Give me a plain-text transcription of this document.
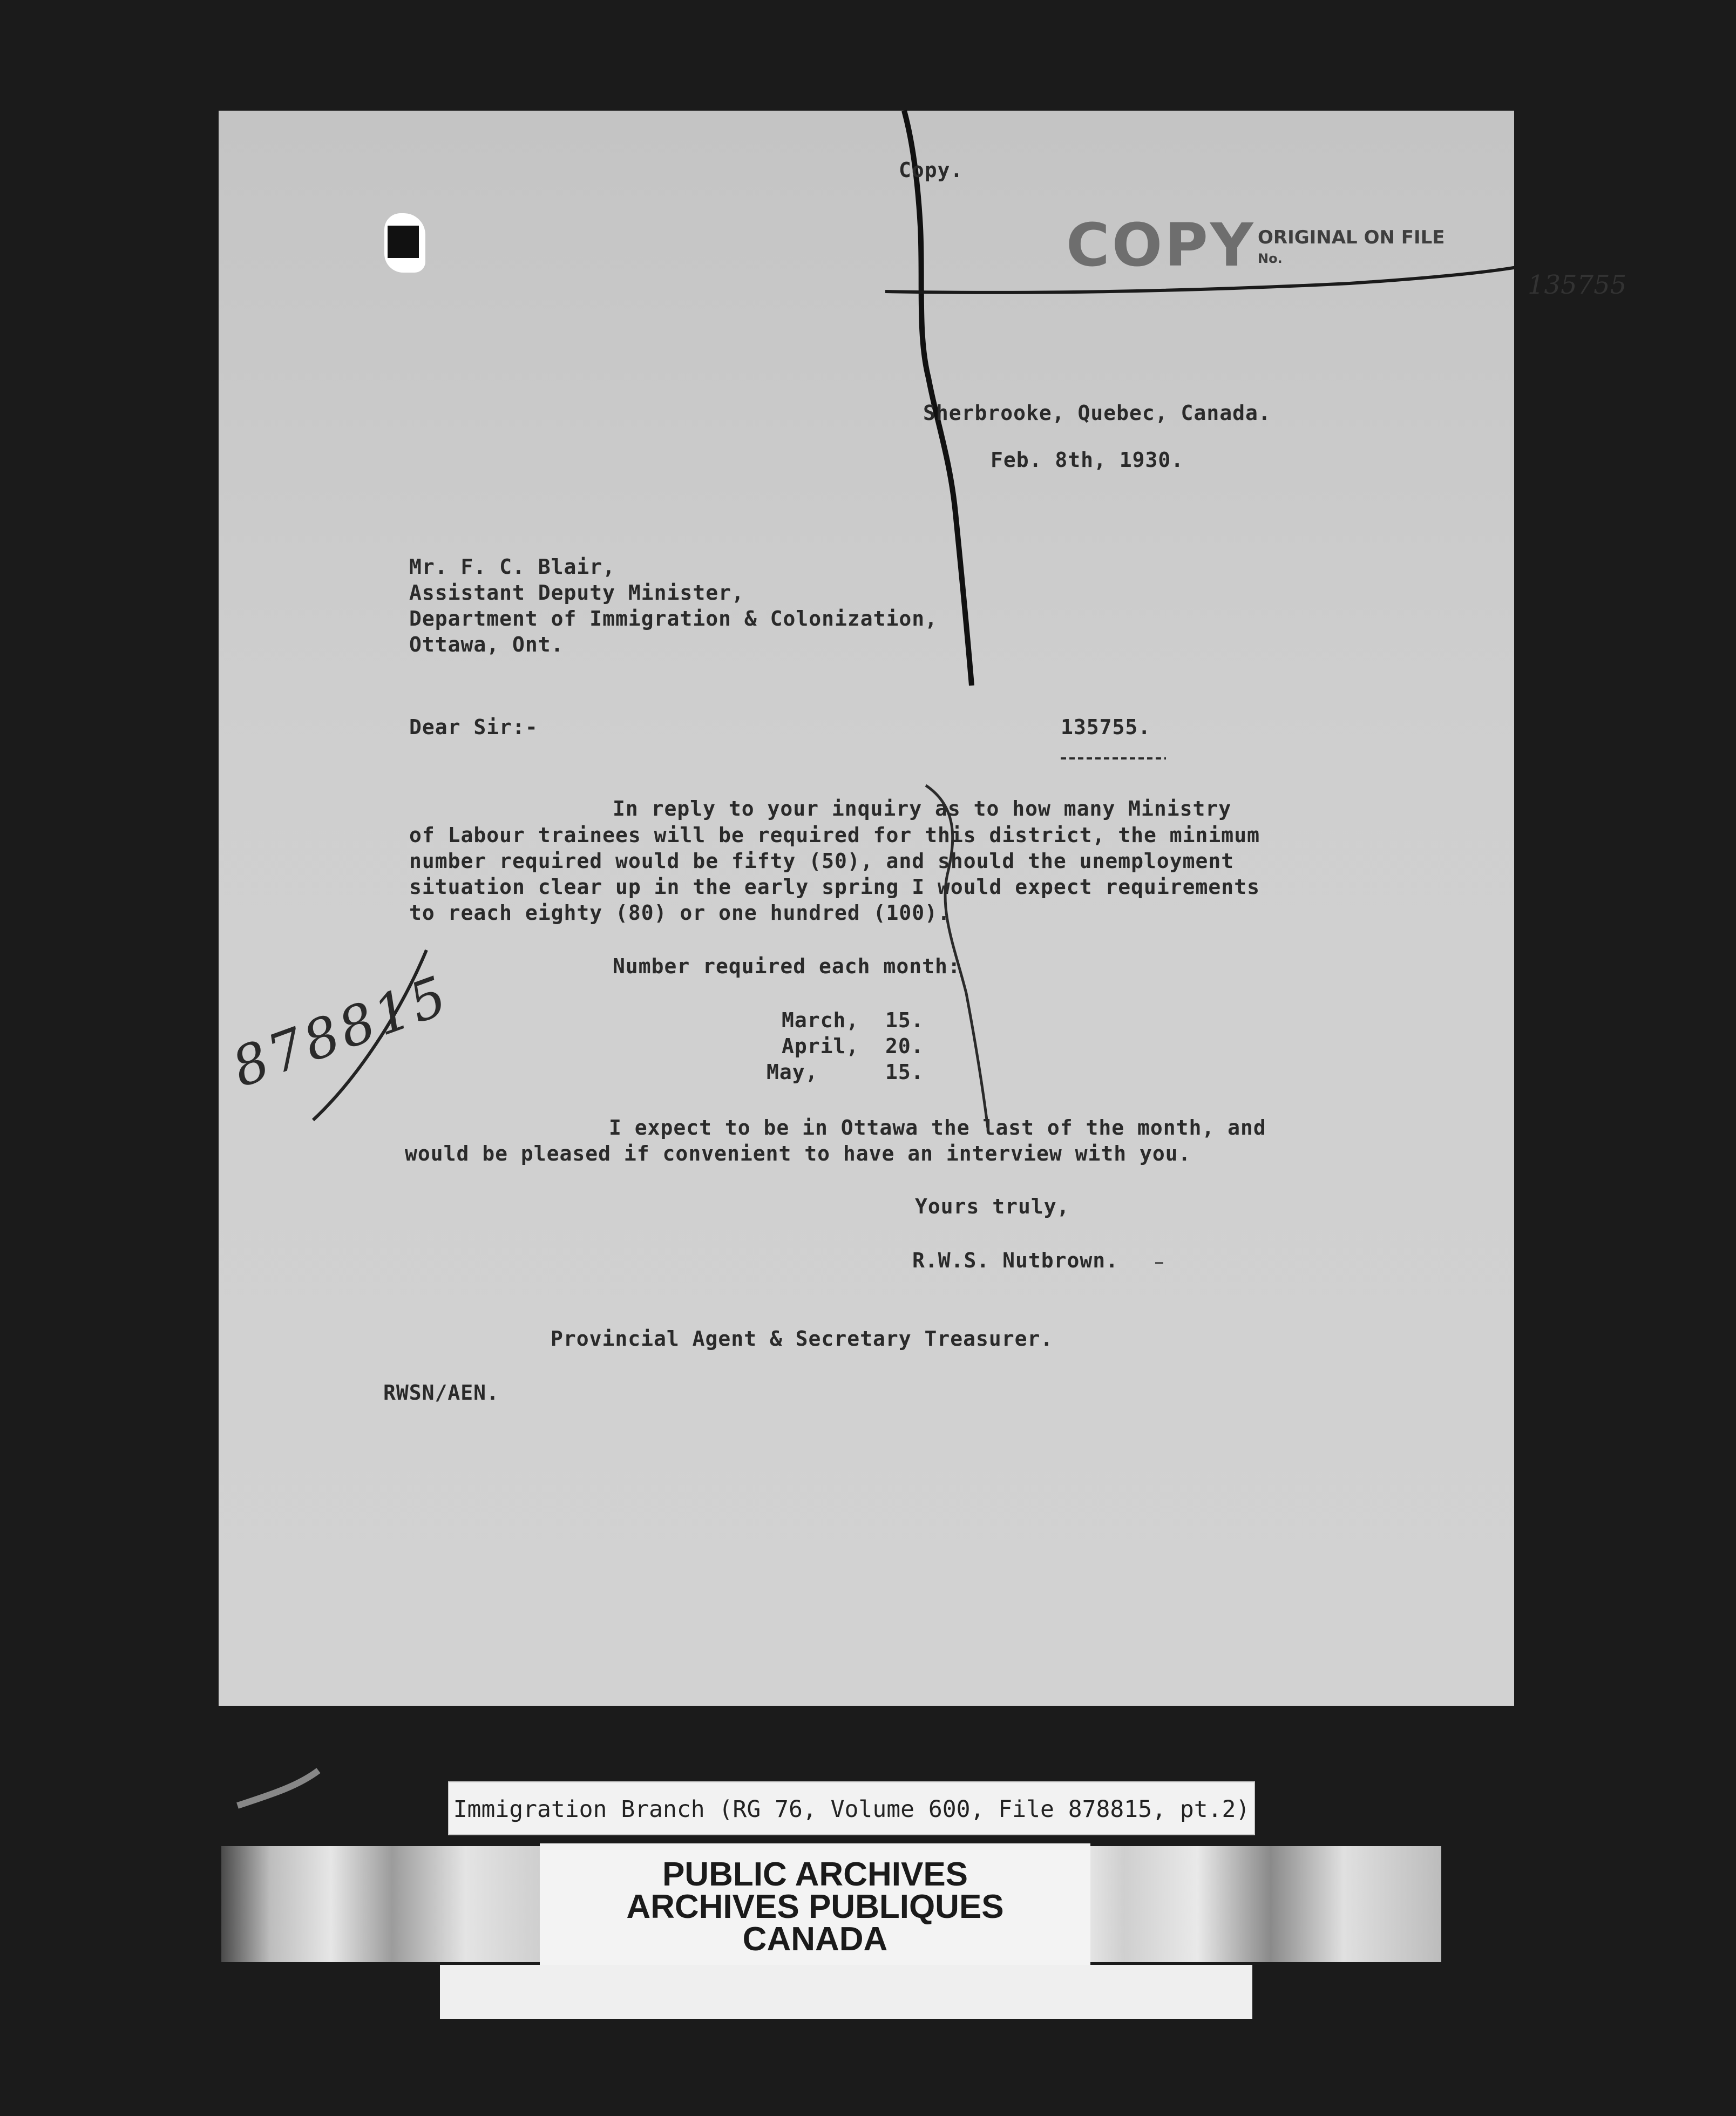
Copy.
COPY ORIGINAL ON FILE
No.
135755
Sherbrooke, Quebec, Canada.
Feb. 8th, 1930.
Mr. F. C. Blair,
Assistant Deputy Minister,
Department of Immigration & Colonization,
Ottawa, Ont.
Dear Sir:-	135755.
In reply to your inquiry as to how many Ministry
of Labour trainees will be required for this district, the minimum
number required would be fifty (50), and should the unemployment
situation clear up in the early spring I would expect requirements
to reach eighty (80) or one hundred (100).
Number required each month:
March, 15.
April, 20.
May,	15.
I expect to be in Ottawa the last of the month, and
would be pleased if convenient to have an interview with you.
Yours truly,
R.W.S. Nutbrown.
Provincial Agent & Secretary Treasurer.
RWSN/AEN.
878815
Immigration Branch (RG 76, Volume 600, File 878815, pt.2)
PUBLIC ARCHIVES
ARCHIVES PUBLIQUES
CANADA
